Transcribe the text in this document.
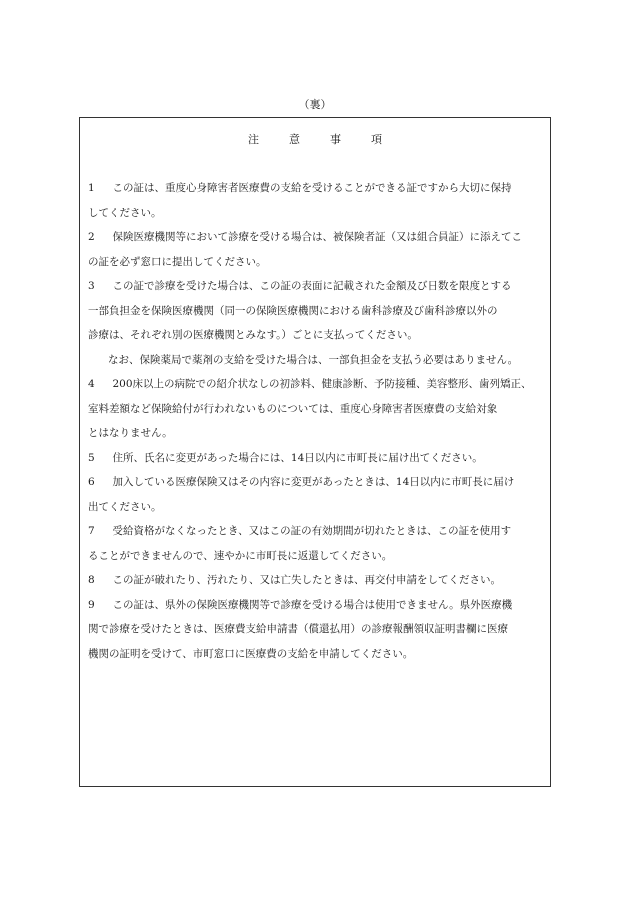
（裏）
注意事項
1　 この証は、重度心身障害者医療費の支給を受けることができる証ですから大切に保持
してください。
2　 保険医療機関等において診療を受ける場合は、被保険者証（又は組合員証）に添えてこ
の証を必ず窓口に提出してください。
3　 この証で診療を受けた場合は、この証の表面に記載された金額及び日数を限度とする
一部負担金を保険医療機関（同一の保険医療機関における歯科診療及び歯科診療以外の
診療は、それぞれ別の医療機関とみなす。）ごとに支払ってください。
なお、保険薬局で薬剤の支給を受けた場合は、一部負担金を支払う必要はありません。
4　 200床以上の病院での紹介状なしの初診料、健康診断、予防接種、美容整形、歯列矯正、
室料差額など保険給付が行われないものについては、重度心身障害者医療費の支給対象
とはなりません。
5　 住所、氏名に変更があった場合には、14日以内に市町長に届け出てください。
6　 加入している医療保険又はその内容に変更があったときは、14日以内に市町長に届け
出てください。
7　 受給資格がなくなったとき、又はこの証の有効期間が切れたときは、この証を使用す
ることができませんので、速やかに市町長に返還してください。
8　 この証が破れたり、汚れたり、又は亡失したときは、再交付申請をしてください。
9　 この証は、県外の保険医療機関等で診療を受ける場合は使用できません。県外医療機
関で診療を受けたときは、医療費支給申請書（償還払用）の診療報酬領収証明書欄に医療
機関の証明を受けて、市町窓口に医療費の支給を申請してください。
